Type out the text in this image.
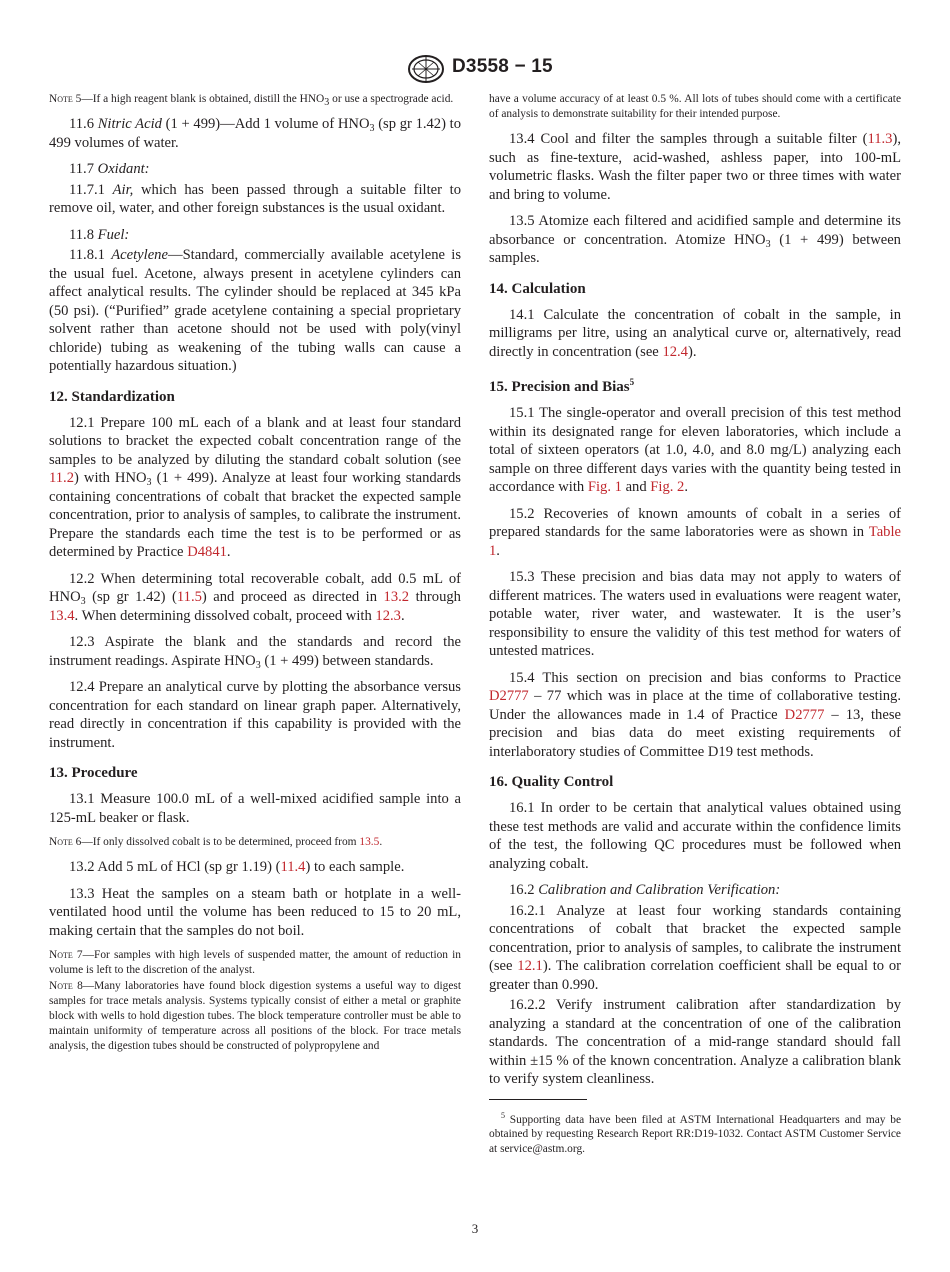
D3558 − 15
Note 5—If a high reagent blank is obtained, distill the $HNO_3$ or use a spectrograde acid.

11.6 Nitric Acid (1 + 499)—Add 1 volume of $HNO_3$ (sp gr 1.42) to 499 volumes of water.

11.7 Oxidant:

11.7.1 Air, which has been passed through a suitable filter to remove oil, water, and other foreign substances is the usual oxidant.

11.8 Fuel:

11.8.1 Acetylene—Standard, commercially available acetylene is the usual fuel. Acetone, always present in acetylene cylinders can affect analytical results. The cylinder should be replaced at 345 kPa (50 psi). (“Purified” grade acetylene containing a special proprietary solvent rather than acetone should not be used with poly(vinyl chloride) tubing as weakening of the tubing walls can cause a potentially hazardous situation.)

12. Standardization

12.1 Prepare 100 mL each of a blank and at least four standard solutions to bracket the expected cobalt concentration range of the samples to be analyzed by diluting the standard cobalt solution (see 11.2) with $HNO_3$ (1 + 499). Analyze at least four working standards containing concentrations of cobalt that bracket the expected sample concentration, prior to analysis of samples, to calibrate the instrument. Prepare the standards each time the test is to be performed or as determined by Practice D4841.

12.2 When determining total recoverable cobalt, add 0.5 mL of $HNO_3$ (sp gr 1.42) (11.5) and proceed as directed in 13.2 through 13.4. When determining dissolved cobalt, proceed with 12.3.

12.3 Aspirate the blank and the standards and record the instrument readings. Aspirate $HNO_3$ (1 + 499) between standards.

12.4 Prepare an analytical curve by plotting the absorbance versus concentration for each standard on linear graph paper. Alternatively, read directly in concentration if this capability is provided with the instrument.

13. Procedure

13.1 Measure 100.0 mL of a well-mixed acidified sample into a 125-mL beaker or flask.

Note 6—If only dissolved cobalt is to be determined, proceed from 13.5.

13.2 Add 5 mL of HCl (sp gr 1.19) (11.4) to each sample.

13.3 Heat the samples on a steam bath or hotplate in a well-ventilated hood until the volume has been reduced to 15 to 20 mL, making certain that the samples do not boil.

Note 7—For samples with high levels of suspended matter, the amount of reduction in volume is left to the discretion of the analyst.
Note 8—Many laboratories have found block digestion systems a useful way to digest samples for trace metals analysis. Systems typically consist of either a metal or graphite block with wells to hold digestion tubes. The block temperature controller must be able to maintain uniformity of temperature across all positions of the block. For trace metals analysis, the digestion tubes should be constructed of polypropylene and
have a volume accuracy of at least 0.5 %. All lots of tubes should come with a certificate of analysis to demonstrate suitability for their intended purpose.

13.4 Cool and filter the samples through a suitable filter (11.3), such as fine-texture, acid-washed, ashless paper, into 100-mL volumetric flasks. Wash the filter paper two or three times with water and bring to volume.

13.5 Atomize each filtered and acidified sample and determine its absorbance or concentration. Atomize $HNO_3$ (1 + 499) between samples.

14. Calculation

14.1 Calculate the concentration of cobalt in the sample, in milligrams per litre, using an analytical curve or, alternatively, read directly in concentration (see 12.4).

15. Precision and Bias$^5$

15.1 The single-operator and overall precision of this test method within its designated range for eleven laboratories, which include a total of sixteen operators (at 1.0, 4.0, and 8.0 mg/L) analyzing each sample on three different days varies with the quantity being tested in accordance with Fig. 1 and Fig. 2.

15.2 Recoveries of known amounts of cobalt in a series of prepared standards for the same laboratories were as shown in Table 1.

15.3 These precision and bias data may not apply to waters of different matrices. The waters used in evaluations were reagent water, potable water, river water, and wastewater. It is the user’s responsibility to ensure the validity of this test method for waters of untested matrices.

15.4 This section on precision and bias conforms to Practice D2777 – 77 which was in place at the time of collaborative testing. Under the allowances made in 1.4 of Practice D2777 – 13, these precision and bias data do meet existing requirements of interlaboratory studies of Committee D19 test methods.

16. Quality Control

16.1 In order to be certain that analytical values obtained using these test methods are valid and accurate within the confidence limits of the test, the following QC procedures must be followed when analyzing cobalt.

16.2 Calibration and Calibration Verification:

16.2.1 Analyze at least four working standards containing concentrations of cobalt that bracket the expected sample concentration, prior to analysis of samples, to calibrate the instrument (see 12.1). The calibration correlation coefficient shall be equal to or greater than 0.990.

16.2.2 Verify instrument calibration after standardization by analyzing a standard at the concentration of one of the calibration standards. The concentration of a mid-range standard should fall within ±15 % of the known concentration. Analyze a calibration blank to verify system cleanliness.

$^5$ Supporting data have been filed at ASTM International Headquarters and may be obtained by requesting Research Report RR:D19-1032. Contact ASTM Customer Service at service@astm.org.

3
